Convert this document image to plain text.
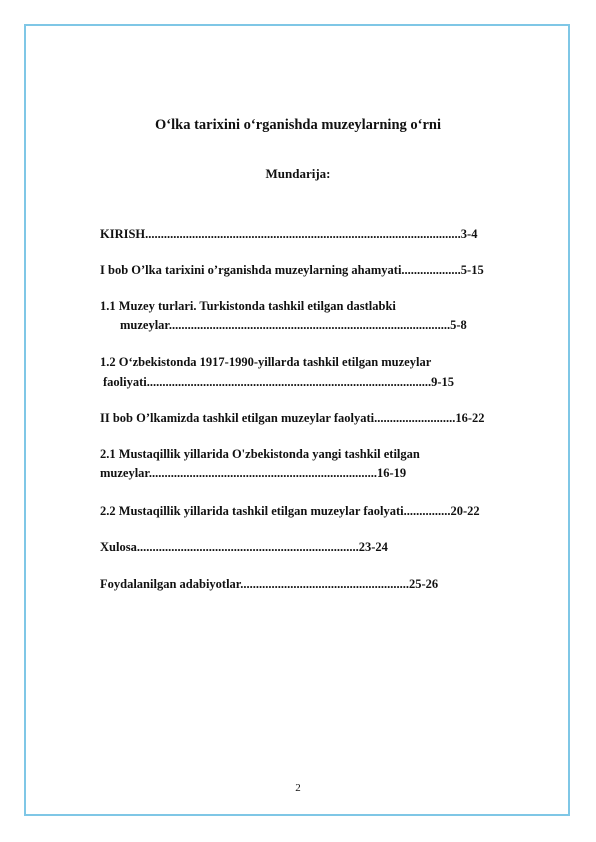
O‘lka tarixini o‘rganishda muzeylarning o‘rni
Mundarija:
KIRISH.....................................................................................................3-4
I bob O’lka tarixini o’rganishda muzeylarning ahamyati...................5-15
1.1 Muzey turlari. Turkistonda tashkil etilgan dastlabki
muzeylar..........................................................................................5-8
1.2 O‘zbekistonda 1917-1990-yillarda tashkil etilgan muzeylar
faoliyati...........................................................................................9-15
II bob O’lkamizda tashkil etilgan muzeylar faolyati..........................16-22
2.1 Mustaqillik yillarida O'zbekistonda yangi tashkil etilgan
muzeylar.........................................................................16-19
2.2 Mustaqillik yillarida tashkil etilgan muzeylar faolyati...............20-22
Xulosa.......................................................................23-24
Foydalanilgan adabiyotlar......................................................25-26
2
